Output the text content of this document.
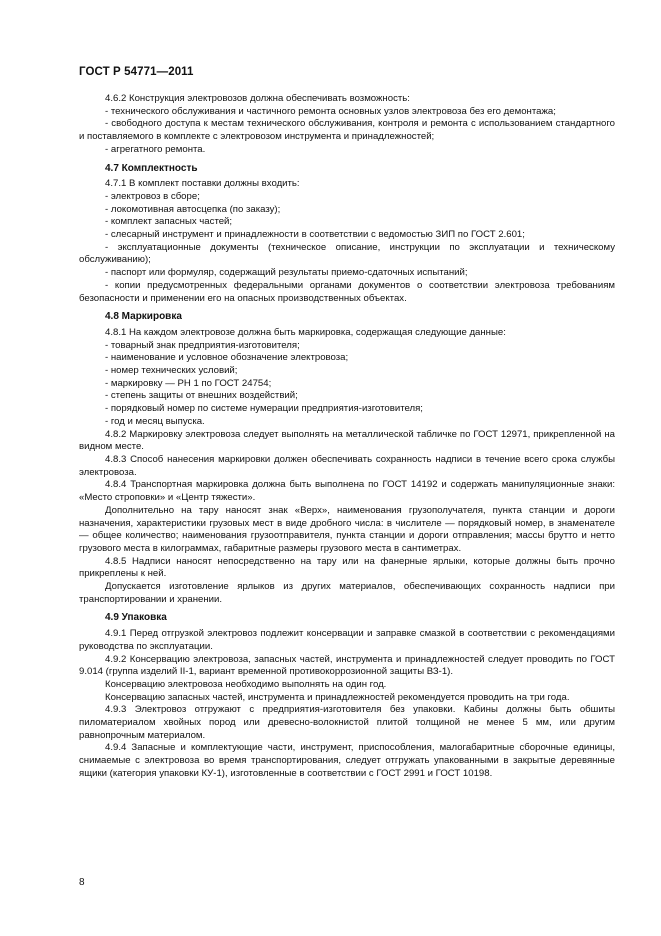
ГОСТ Р 54771—2011

4.6.2 Конструкция электровозов должна обеспечивать возможность:

- технического обслуживания и частичного ремонта основных узлов электровоза без его демонтажа;

- свободного доступа к местам технического обслуживания, контроля и ремонта с использованием стандартного и поставляемого в комплекте с электровозом инструмента и принадлежностей;

- агрегатного ремонта.

4.7 Комплектность

4.7.1 В комплект поставки должны входить:

- электровоз в сборе;

- локомотивная автосцепка (по заказу);

- комплект запасных частей;

- слесарный инструмент и принадлежности в соответствии с ведомостью ЗИП по ГОСТ 2.601;

- эксплуатационные документы (техническое описание, инструкции по эксплуатации и техническому обслуживанию);

- паспорт или формуляр, содержащий результаты приемо-сдаточных испытаний;

- копии предусмотренных федеральными органами документов о соответствии электровоза требованиям безопасности и применении его на опасных производственных объектах.

4.8 Маркировка

4.8.1 На каждом электровозе должна быть маркировка, содержащая следующие данные:

- товарный знак предприятия-изготовителя;

- наименование и условное обозначение электровоза;

- номер технических условий;

- маркировку — РН 1 по ГОСТ 24754;

- степень защиты от внешних воздействий;

- порядковый номер по системе нумерации предприятия-изготовителя;

- год и месяц выпуска.

4.8.2 Маркировку электровоза следует выполнять на металлической табличке по ГОСТ 12971, прикрепленной на видном месте.

4.8.3 Способ нанесения маркировки должен обеспечивать сохранность надписи в течение всего срока службы электровоза.

4.8.4 Транспортная маркировка должна быть выполнена по ГОСТ 14192 и содержать манипуляционные знаки: «Место строповки» и «Центр тяжести».

Дополнительно на тару наносят знак «Верх», наименования грузополучателя, пункта станции и дороги назначения, характеристики грузовых мест в виде дробного числа: в числителе — порядковый номер, в знаменателе — общее количество; наименования грузоотправителя, пункта станции и дороги отправления; массы брутто и нетто грузового места в килограммах, габаритные размеры грузового места в сантиметрах.

4.8.5 Надписи наносят непосредственно на тару или на фанерные ярлыки, которые должны быть прочно прикреплены к ней.

Допускается изготовление ярлыков из других материалов, обеспечивающих сохранность надписи при транспортировании и хранении.

4.9 Упаковка

4.9.1 Перед отгрузкой электровоз подлежит консервации и заправке смазкой в соответствии с рекомендациями руководства по эксплуатации.

4.9.2 Консервацию электровоза, запасных частей, инструмента и принадлежностей следует проводить по ГОСТ 9.014 (группа изделий II-1, вариант временной противокоррозионной защиты ВЗ-1).

Консервацию электровоза необходимо выполнять на один год.

Консервацию запасных частей, инструмента и принадлежностей рекомендуется проводить на три года.

4.9.3 Электровоз отгружают с предприятия-изготовителя без упаковки. Кабины должны быть обшиты пиломатериалом хвойных пород или древесно-волокнистой плитой толщиной не менее 5 мм, или другим равнопрочным материалом.

4.9.4 Запасные и комплектующие части, инструмент, приспособления, малогабаритные сборочные единицы, снимаемые с электровоза во время транспортирования, следует отгружать упакованными в закрытые деревянные ящики (категория упаковки КУ-1), изготовленные в соответствии с ГОСТ 2991 и ГОСТ 10198.

8
